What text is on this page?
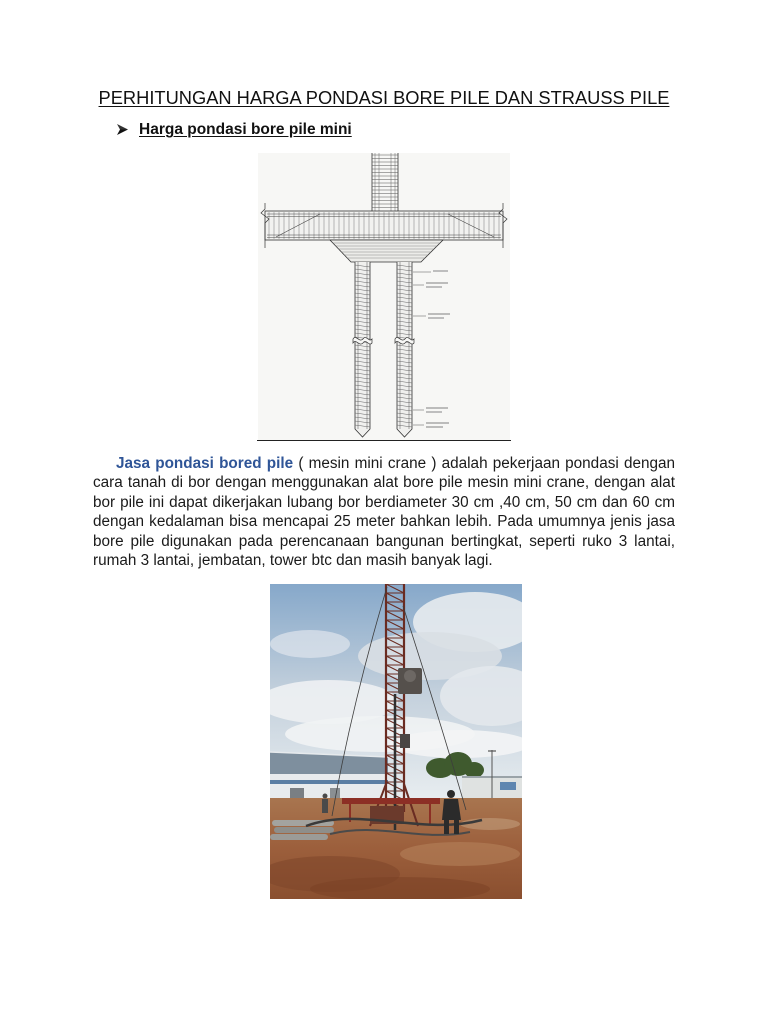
PERHITUNGAN HARGA PONDASI BORE PILE DAN STRAUSS PILE
Harga pondasi bore pile mini
Jasa pondasi bored pile ( mesin mini crane ) adalah pekerjaan pondasi dengan
cara tanah di bor dengan menggunakan alat bore pile mesin mini crane, dengan alat
bor pile ini dapat dikerjakan lubang bor berdiameter 30 cm ,40 cm, 50 cm dan 60 cm
dengan kedalaman bisa mencapai 25 meter bahkan lebih. Pada umumnya jenis jasa
bore pile digunakan pada perencanaan bangunan bertingkat, seperti ruko 3 lantai,
rumah 3 lantai, jembatan, tower btc dan masih banyak lagi.
